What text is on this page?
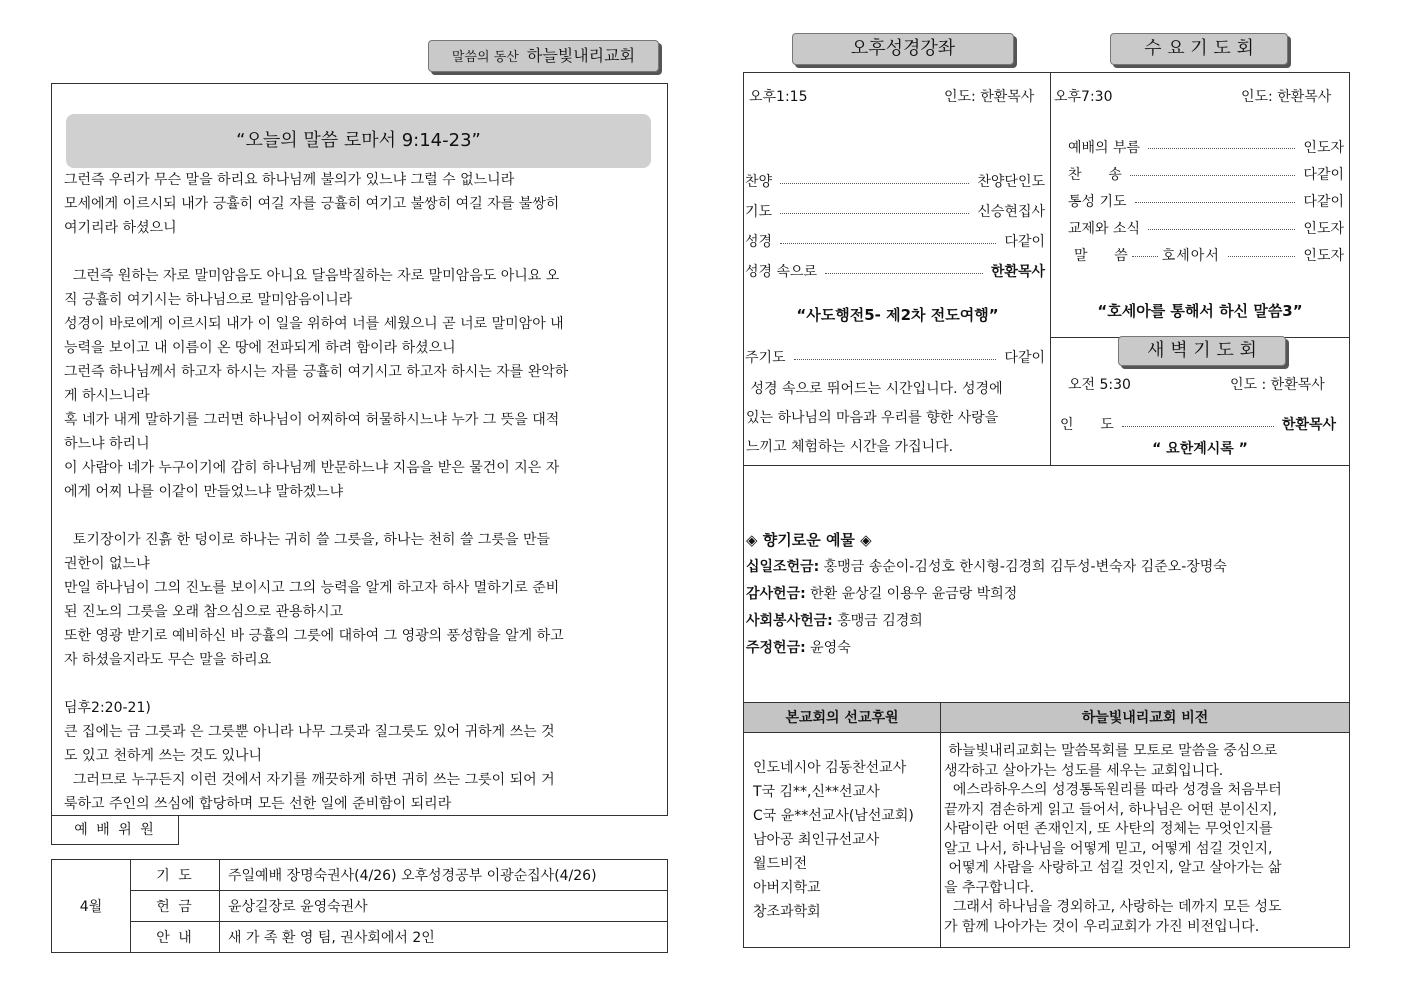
말씀의 동산 하늘빛내리교회
“오늘의 말씀 로마서 9:14-23”
그런즉 우리가 무슨 말을 하리요 하나님께 불의가 있느냐 그럴 수 없느니라
모세에게 이르시되 내가 긍휼히 여길 자를 긍휼히 여기고 불쌍히 여길 자를 불쌍히
여기리라 하셨으니
그런즉 원하는 자로 말미암음도 아니요 달음박질하는 자로 말미암음도 아니요 오
직 긍휼히 여기시는 하나님으로 말미암음이니라
성경이 바로에게 이르시되 내가 이 일을 위하여 너를 세웠으니 곧 너로 말미암아 내
능력을 보이고 내 이름이 온 땅에 전파되게 하려 함이라 하셨으니
그런즉 하나님께서 하고자 하시는 자를 긍휼히 여기시고 하고자 하시는 자를 완악하
게 하시느니라
혹 네가 내게 말하기를 그러면 하나님이 어찌하여 허물하시느냐 누가 그 뜻을 대적
하느냐 하리니
이 사람아 네가 누구이기에 감히 하나님께 반문하느냐 지음을 받은 물건이 지은 자
에게 어찌 나를 이같이 만들었느냐 말하겠느냐
토기장이가 진흙 한 덩이로 하나는 귀히 쓸 그릇을, 하나는 천히 쓸 그릇을 만들
권한이 없느냐
만일 하나님이 그의 진노를 보이시고 그의 능력을 알게 하고자 하사 멸하기로 준비
된 진노의 그릇을 오래 참으심으로 관용하시고
또한 영광 받기로 예비하신 바 긍휼의 그릇에 대하여 그 영광의 풍성함을 알게 하고
자 하셨을지라도 무슨 말을 하리요
딤후2:20-21)
큰 집에는 금 그릇과 은 그릇뿐 아니라 나무 그릇과 질그릇도 있어 귀하게 쓰는 것
도 있고 천하게 쓰는 것도 있나니
그러므로 누구든지 이런 것에서 자기를 깨끗하게 하면 귀히 쓰는 그릇이 되어 거
룩하고 주인의 쓰심에 합당하며 모든 선한 일에 준비함이 되리라
예 배 위 원
4월	기 도	주일예배 장명숙권사(4/26) 오후성경공부 이광순집사(4/26)
	헌 금	윤상길장로 윤영숙권사
	안 내	새 가 족 환 영 팀, 권사회에서 2인
오후성경강좌	수 요 기 도 회
오후1:15	인도: 한환목사
찬양	찬양단인도
기도	신승현집사
성경	다같이
성경 속으로	한환목사
“사도행전5- 제2차 전도여행”
주기도	다같이
성경 속으로 뛰어드는 시간입니다. 성경에
있는 하나님의 마음과 우리를 향한 사랑을
느끼고 체험하는 시간을 가집니다.
오후7:30	인도: 한환목사
예배의 부름	인도자
찬      송	다같이
통성 기도	다같이
교제와 소식	인도자
말      씀 호세아서	인도자
“호세아를 통해서 하신 말씀3”
새 벽 기 도 회
오전 5:30	인도 : 한환목사
인      도	한환목사
“ 요한계시록 ”
◈ 향기로운 예물 ◈
십일조헌금: 홍맹금 송순이-김성호 한시형-김경희 김두성-변숙자 김준오-장명숙
감사헌금: 한환 윤상길 이용우 윤금랑 박희정
사회봉사헌금: 홍맹금 김경희
주정헌금: 윤영숙
본교회의 선교후원	하늘빛내리교회 비전
인도네시아 김동찬선교사
T국 김**,신**선교사
C국 윤**선교사(남선교회)
남아공 최인규선교사
월드비전
아버지학교
창조과학회
하늘빛내리교회는 말씀목회를 모토로 말씀을 중심으로
생각하고 살아가는 성도를 세우는 교회입니다.
에스라하우스의 성경통독원리를 따라 성경을 처음부터
끝까지 겸손하게 읽고 들어서, 하나님은 어떤 분이신지,
사람이란 어떤 존재인지, 또 사탄의 정체는 무엇인지를
알고 나서, 하나님을 어떻게 믿고, 어떻게 섬길 것인지,
어떻게 사람을 사랑하고 섬길 것인지, 알고 살아가는 삶
을 추구합니다.
그래서 하나님을 경외하고, 사랑하는 데까지 모든 성도
가 함께 나아가는 것이 우리교회가 가진 비전입니다.
